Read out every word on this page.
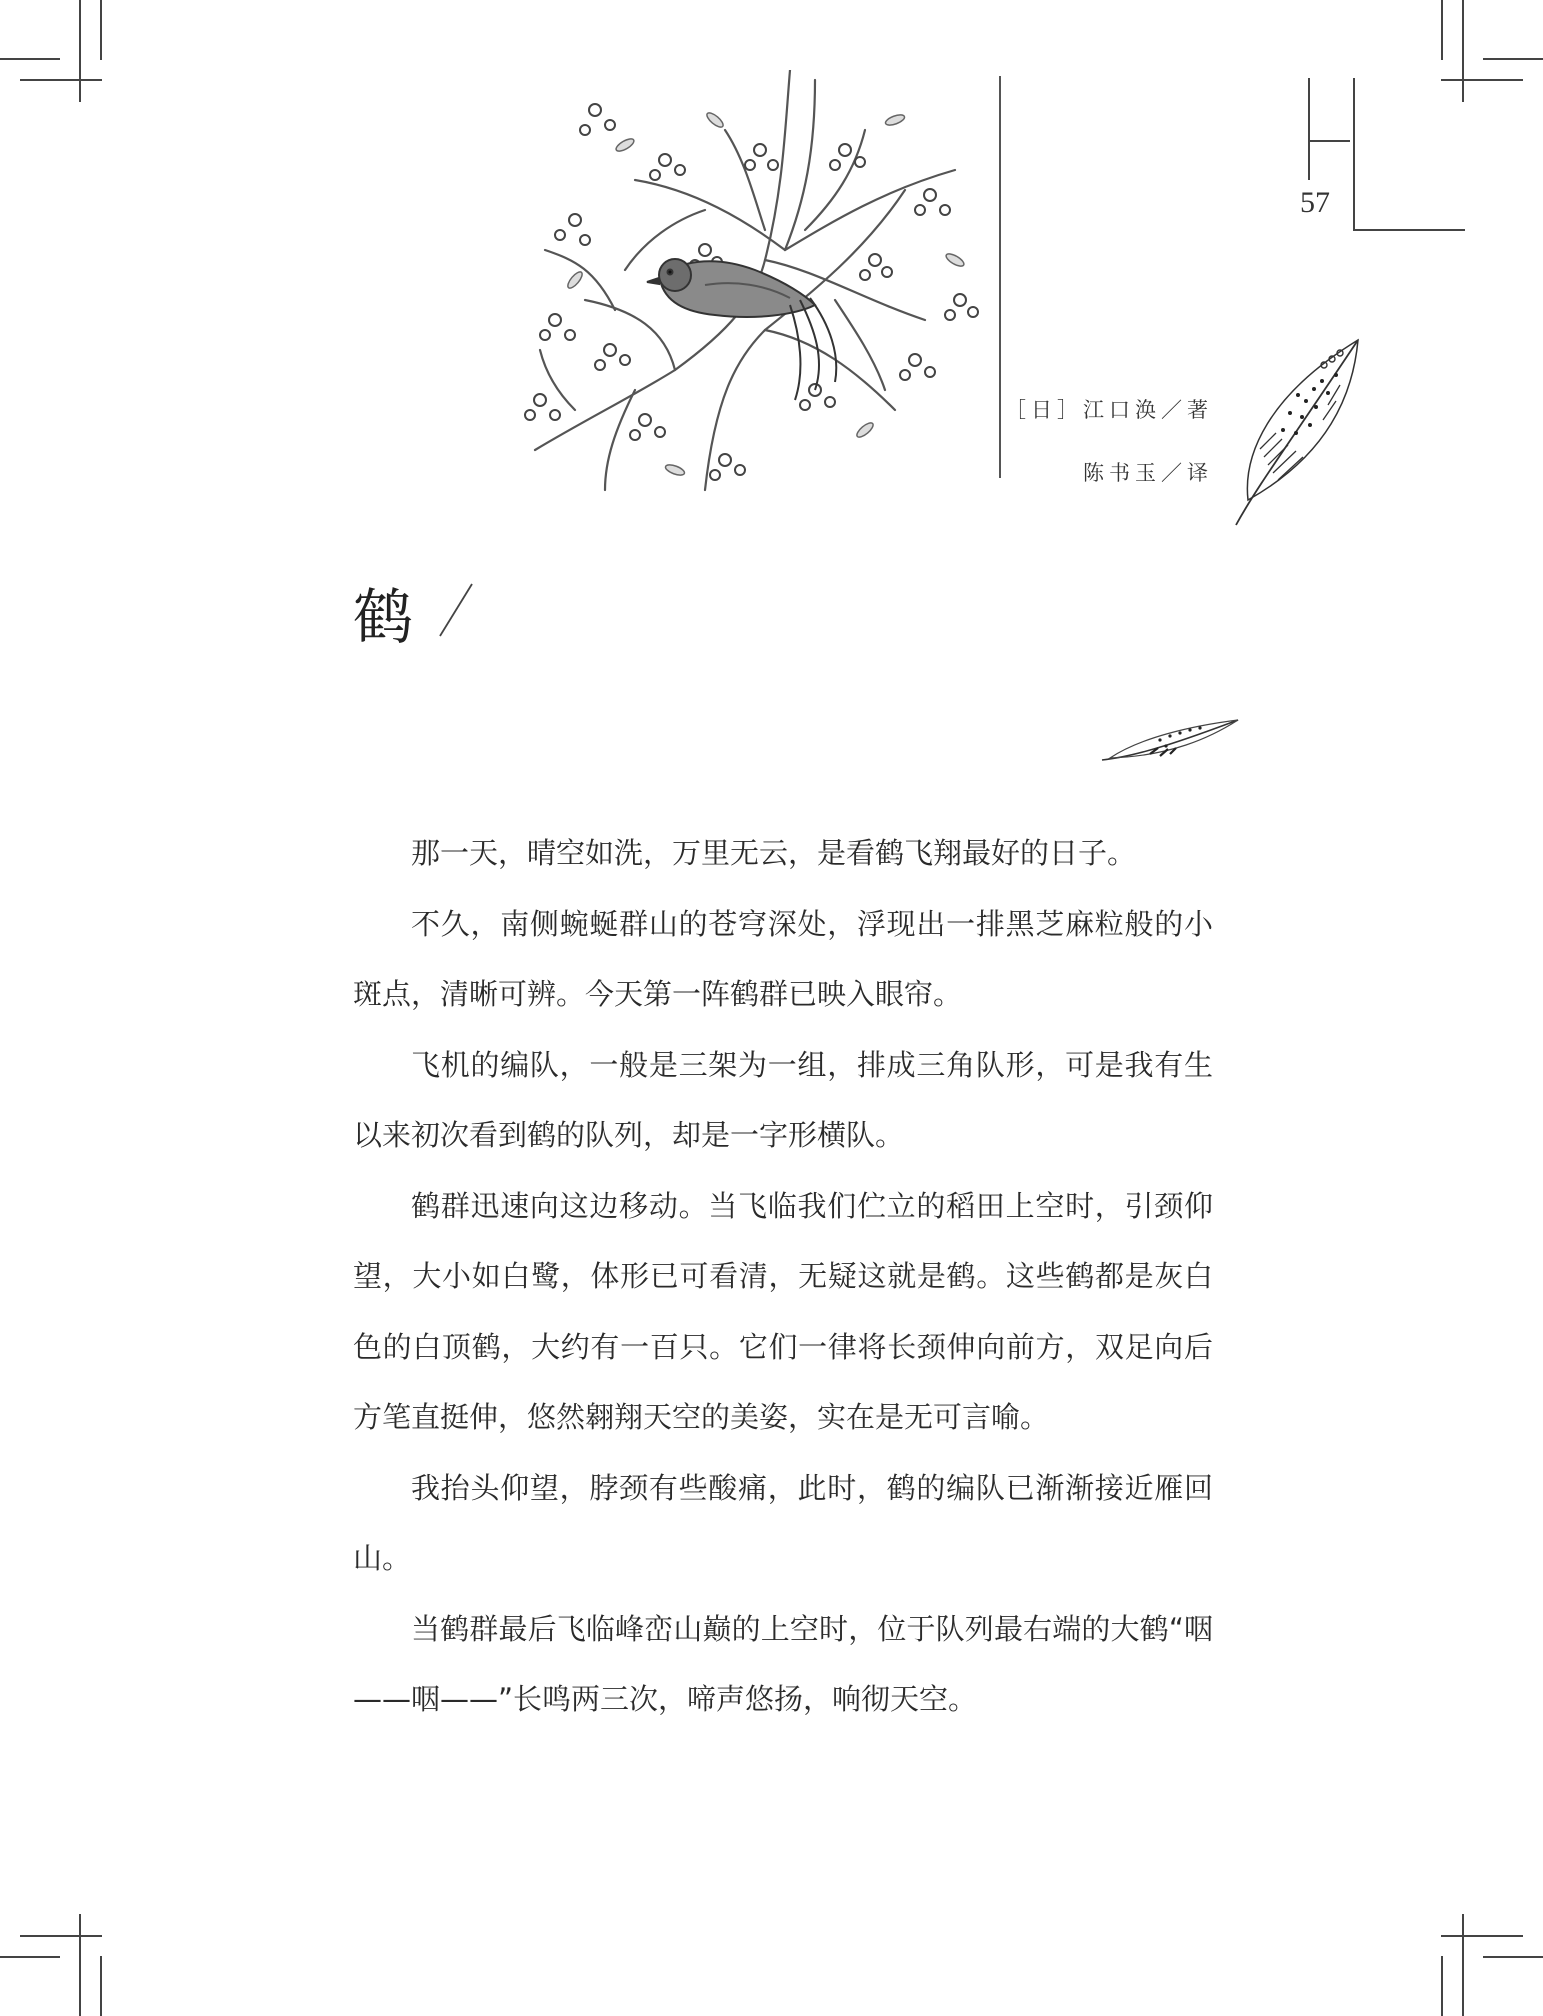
57
［日］江口涣／著
陈书玉／译
鹤

那一天，晴空如洗，万里无云，是看鹤飞翔最好的日子。

不久，南侧蜿蜒群山的苍穹深处，浮现出一排黑芝麻粒般的小斑点，清晰可辨。今天第一阵鹤群已映入眼帘。

飞机的编队，一般是三架为一组，排成三角队形，可是我有生以来初次看到鹤的队列，却是一字形横队。

鹤群迅速向这边移动。当飞临我们伫立的稻田上空时，引颈仰望，大小如白鹭，体形已可看清，无疑这就是鹤。这些鹤都是灰白色的白顶鹤，大约有一百只。它们一律将长颈伸向前方，双足向后方笔直挺伸，悠然翱翔天空的美姿，实在是无可言喻。

我抬头仰望，脖颈有些酸痛，此时，鹤的编队已渐渐接近雁回山。

当鹤群最后飞临峰峦山巅的上空时，位于队列最右端的大鹤“咽——咽——”长鸣两三次，啼声悠扬，响彻天空。
